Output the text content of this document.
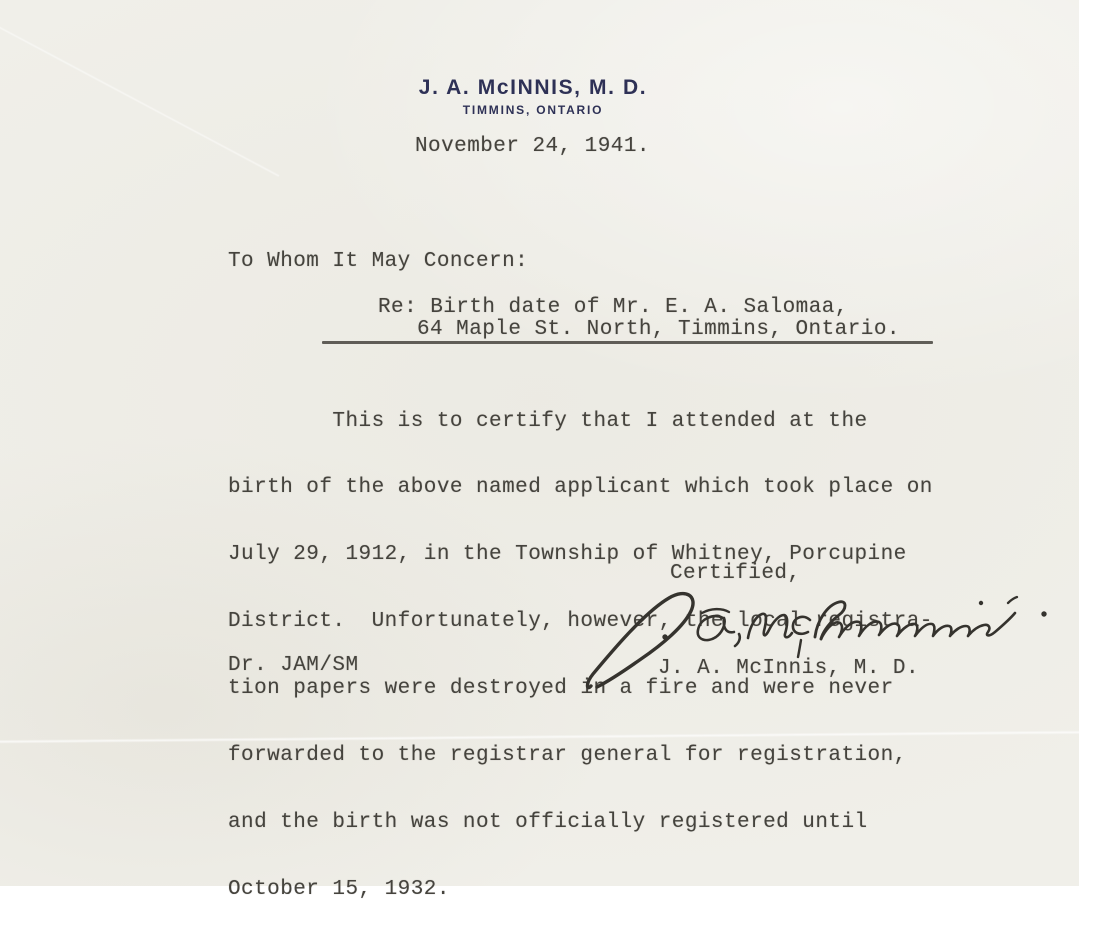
J. A. McINNIS, M. D.
TIMMINS, ONTARIO
November 24, 1941.
To Whom It May Concern:
Re: Birth date of Mr. E. A. Salomaa,
64 Maple St. North, Timmins, Ontario.

This is to certify that I attended at the

birth of the above named applicant which took place on

July 29, 1912, in the Township of Whitney, Porcupine

District.  Unfortunately, however, the local registra-

tion papers were destroyed in a fire and were never

forwarded to the registrar general for registration,

and the birth was not officially registered until

October 15, 1932.

Certified,
J. A. McInnis, M. D.
Dr. JAM/SM
